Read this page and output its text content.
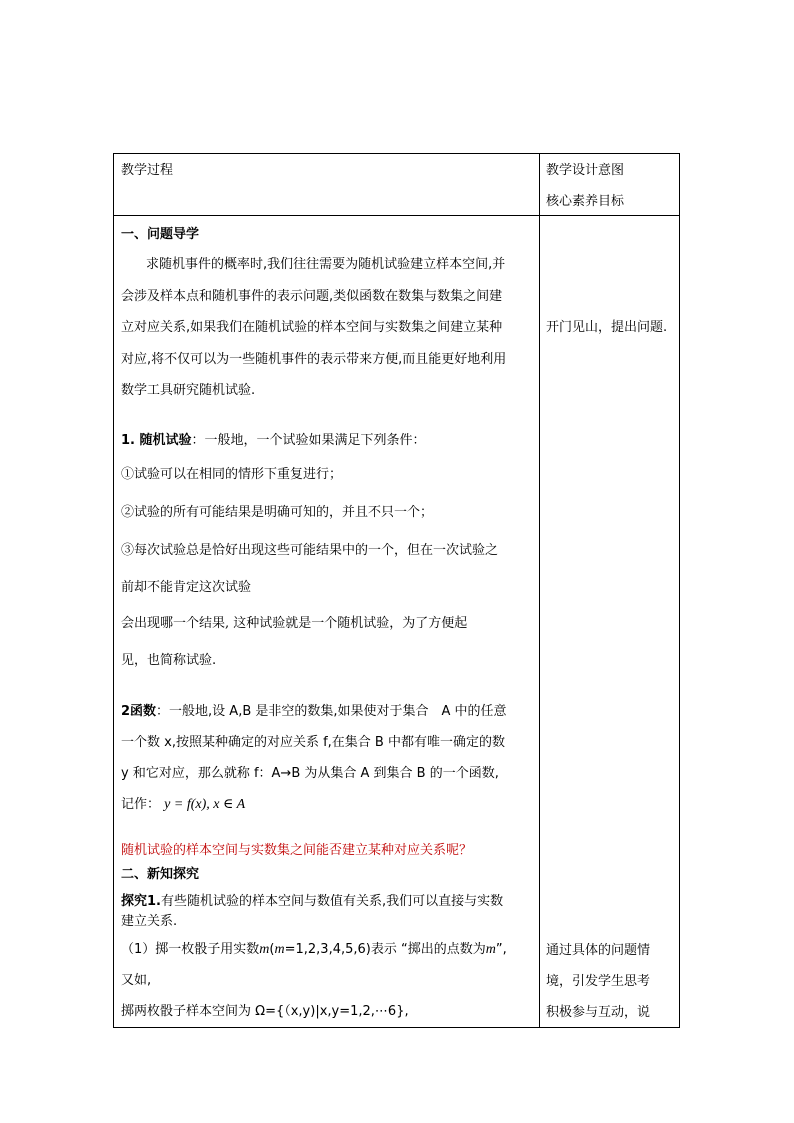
教学过程	教学设计意图
核心素养目标
一、问题导学
求随机事件的概率时,我们往往需要为随机试验建立样本空间,并
会涉及样本点和随机事件的表示问题,类似函数在数集与数集之间建
立对应关系,如果我们在随机试验的样本空间与实数集之间建立某种
对应,将不仅可以为一些随机事件的表示带来方便,而且能更好地利用
数学工具研究随机试验.
1. 随机试验：一般地，一个试验如果满足下列条件：
①试验可以在相同的情形下重复进行；
②试验的所有可能结果是明确可知的，并且不只一个；
③每次试验总是恰好出现这些可能结果中的一个，但在一次试验之
前却不能肯定这次试验
会出现哪一个结果, 这种试验就是一个随机试验，为了方便起
见，也简称试验.
2函数：一般地,设 A,B 是非空的数集,如果使对于集合　A 中的任意
一个数 x,按照某种确定的对应关系 f,在集合 B 中都有唯一确定的数
y 和它对应，那么就称 f：A→B 为从集合 A 到集合 B 的一个函数,
记作： y = f(x), x ∈ A
随机试验的样本空间与实数集之间能否建立某种对应关系呢？
二、新知探究
探究1.有些随机试验的样本空间与数值有关系,我们可以直接与实数
建立关系.
（1）掷一枚骰子用实数m(m=1,2,3,4,5,6)表示 “掷出的点数为m”,
又如,
掷两枚骰子样本空间为 Ω={（x,y)|x,y=1,2,⋯6},
开门见山，提出问题.
通过具体的问题情
境，引发学生思考
积极参与互动，说
